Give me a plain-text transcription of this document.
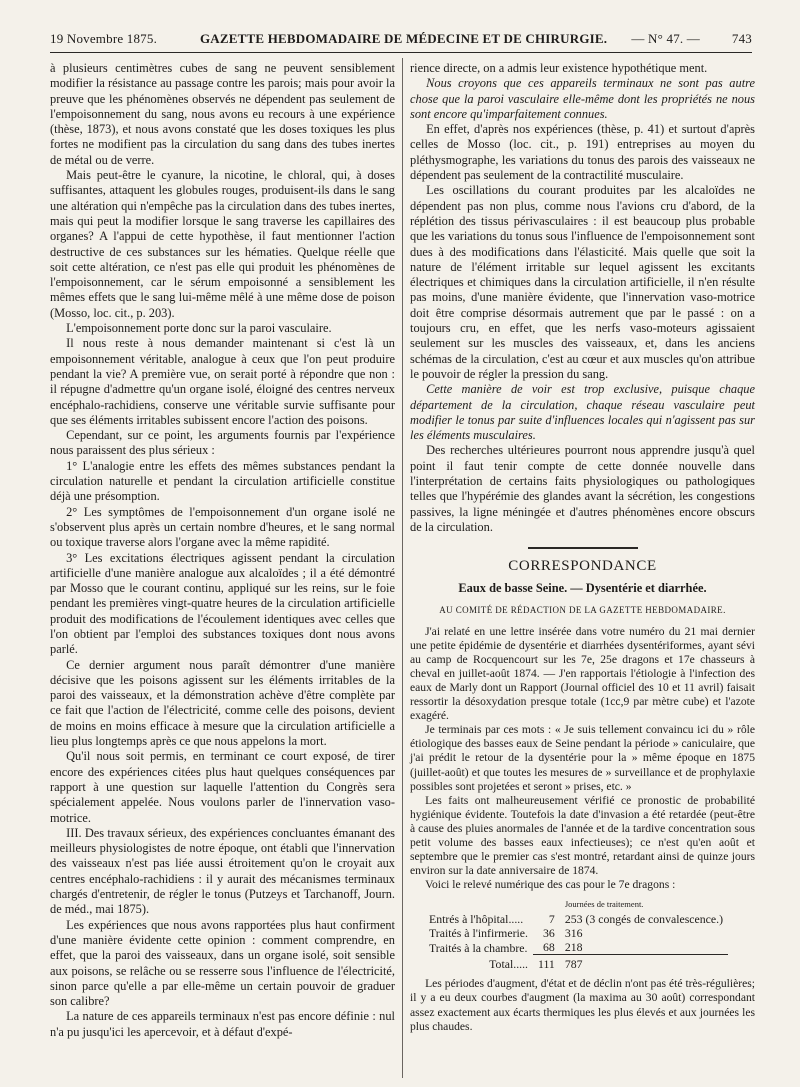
19 Novembre 1875.	GAZETTE HEBDOMADAIRE DE MÉDECINE ET DE CHIRURGIE. — N° 47. — 743

à plusieurs centimètres cubes de sang ne peuvent sensiblement modifier la résistance au passage contre les parois; mais pour avoir la preuve que les phénomènes observés ne dépendent pas seulement de l'empoisonnement du sang, nous avons eu recours à une expérience (thèse, 1873), et nous avons constaté que les doses toxiques les plus fortes ne modifient pas la circulation du sang dans des tubes inertes de métal ou de verre.

Mais peut-être le cyanure, la nicotine, le chloral, qui, à doses suffisantes, attaquent les globules rouges, produisent-ils dans le sang une altération qui n'empêche pas la circulation dans des tubes inertes, mais qui peut la modifier lorsque le sang traverse les capillaires des organes? A l'appui de cette hypothèse, il faut mentionner l'action destructive de ces substances sur les hématies. Quelque réelle que soit cette altération, ce n'est pas elle qui produit les phénomènes de l'empoisonnement, car le sérum empoisonné a sensiblement les mêmes effets que le sang lui-même mêlé à une même dose de poison (Mosso, loc. cit., p. 203).

L'empoisonnement porte donc sur la paroi vasculaire.

Il nous reste à nous demander maintenant si c'est là un empoisonnement véritable, analogue à ceux que l'on peut produire pendant la vie? A première vue, on serait porté à répondre que non : il répugne d'admettre qu'un organe isolé, éloigné des centres nerveux encéphalo-rachidiens, conserve une véritable survie suffisante pour que ses éléments irritables subissent encore l'action des poisons.

Cependant, sur ce point, les arguments fournis par l'expérience nous paraissent des plus sérieux :

1° L'analogie entre les effets des mêmes substances pendant la circulation naturelle et pendant la circulation artificielle constitue déjà une présomption.

2° Les symptômes de l'empoisonnement d'un organe isolé ne s'observent plus après un certain nombre d'heures, et le sang normal ou toxique traverse alors l'organe avec la même rapidité.

3° Les excitations électriques agissent pendant la circulation artificielle d'une manière analogue aux alcaloïdes ; il a été démontré par Mosso que le courant continu, appliqué sur les reins, sur le foie pendant les premières vingt-quatre heures de la circulation artificielle produit des modifications de l'écoulement identiques avec celles que l'on obtient par l'emploi des substances toxiques dont nous avons parlé.

Ce dernier argument nous paraît démontrer d'une manière décisive que les poisons agissent sur les éléments irritables de la paroi des vaisseaux, et la démonstration achève d'être complète par ce fait que l'action de l'électricité, comme celle des poisons, devient de moins en moins efficace à mesure que la circulation artificielle a lieu plus longtemps après ce que nous appelons la mort.

Qu'il nous soit permis, en terminant ce court exposé, de tirer encore des expériences citées plus haut quelques conséquences par rapport à une question sur laquelle l'attention du Congrès sera spécialement appelée. Nous voulons parler de l'innervation vaso-motrice.

III. Des travaux sérieux, des expériences concluantes émanant des meilleurs physiologistes de notre époque, ont établi que l'innervation des vaisseaux n'est pas liée aussi étroitement qu'on le croyait aux centres encéphalo-rachidiens : il y aurait des mécanismes terminaux chargés d'entretenir, de régler le tonus (Putzeys et Tarchanoff, Journ. de méd., mai 1875).

Les expériences que nous avons rapportées plus haut confirment d'une manière évidente cette opinion : comment comprendre, en effet, que la paroi des vaisseaux, dans un organe isolé, soit sensible aux poisons, se relâche ou se resserre sous l'influence de l'électricité, sinon parce qu'elle a par elle-même un certain pouvoir de graduer son calibre?

La nature de ces appareils terminaux n'est pas encore définie : nul n'a pu jusqu'ici les apercevoir, et à défaut d'expé-

rience directe, on a admis leur existence hypothétique ment.

Nous croyons que ces appareils terminaux ne sont pas autre chose que la paroi vasculaire elle-même dont les propriétés ne nous sont encore qu'imparfaitement connues.

En effet, d'après nos expériences (thèse, p. 41) et surtout d'après celles de Mosso (loc. cit., p. 191) entreprises au moyen du pléthysmographe, les variations du tonus des parois des vaisseaux ne dépendent pas seulement de la contractilité musculaire.

Les oscillations du courant produites par les alcaloïdes ne dépendent pas non plus, comme nous l'avions cru d'abord, de la réplétion des tissus périvasculaires : il est beaucoup plus probable que les variations du tonus sous l'influence de l'empoisonnement sont dues à des modifications dans l'élasticité. Mais quelle que soit la nature de l'élément irritable sur lequel agissent les excitants électriques et chimiques dans la circulation artificielle, il n'en résulte pas moins, d'une manière évidente, que l'innervation vaso-motrice doit être comprise désormais autrement que par le passé : on a toujours cru, en effet, que les nerfs vaso-moteurs agissaient seulement sur les muscles des vaisseaux, et, dans les anciens schémas de la circulation, c'est au cœur et aux muscles qu'on attribue le pouvoir de régler la pression du sang.

Cette manière de voir est trop exclusive, puisque chaque département de la circulation, chaque réseau vasculaire peut modifier le tonus par suite d'influences locales qui n'agissent pas sur les éléments musculaires.

Des recherches ultérieures pourront nous apprendre jusqu'à quel point il faut tenir compte de cette donnée nouvelle dans l'interprétation de certains faits physiologiques ou pathologiques telles que l'hypérémie des glandes avant la sécrétion, les congestions passives, la ligne méningée et d'autres phénomènes encore obscurs de la circulation.

CORRESPONDANCE
Eaux de basse Seine. — Dysentérie et diarrhée.
AU COMITÉ DE RÉDACTION DE LA GAZETTE HEBDOMADAIRE.

J'ai relaté en une lettre insérée dans votre numéro du 21 mai dernier une petite épidémie de dysentérie et diarrhées dysentériformes, ayant sévi au camp de Rocquencourt sur les 7e, 25e dragons et 17e chasseurs à cheval en juillet-août 1874. — J'en rapportais l'étiologie à l'infection des eaux de Marly dont un Rapport (Journal officiel des 10 et 11 avril) faisait ressortir la désoxydation presque totale (1cc,9 par mètre cube) et l'azote exagéré.

Je terminais par ces mots : « Je suis tellement convaincu ici du » rôle étiologique des basses eaux de Seine pendant la période » caniculaire, que j'ai prédit le retour de la dysentérie pour la » même époque en 1875 (juillet-août) et que toutes les mesures de » surveillance et de prophylaxie possibles sont projetées et seront » prises, etc. »

Les faits ont malheureusement vérifié ce pronostic de probabilité hygiénique évidente. Toutefois la date d'invasion a été retardée (peut-être à cause des pluies anormales de l'année et de la tardive concentration sous petit volume des basses eaux infectieuses); ce n'est qu'en août et septembre que le premier cas s'est montré, retardant ainsi de quinze jours environ sur la date anniversaire de 1874.

Voici le relevé numérique des cas pour le 7e dragons :

		Journées de traitement.
Entrés à l'hôpital.....	7	253 (3 congés de convalescence.)
Traités à l'infirmerie.	36	316
Traités à la chambre.	68	218
Total.....	111	787

Les périodes d'augment, d'état et de déclin n'ont pas été très-régulières; il y a eu deux courbes d'augment (la maxima au 30 août) correspondant assez exactement aux écarts thermiques les plus élevés et aux journées les plus chaudes.
